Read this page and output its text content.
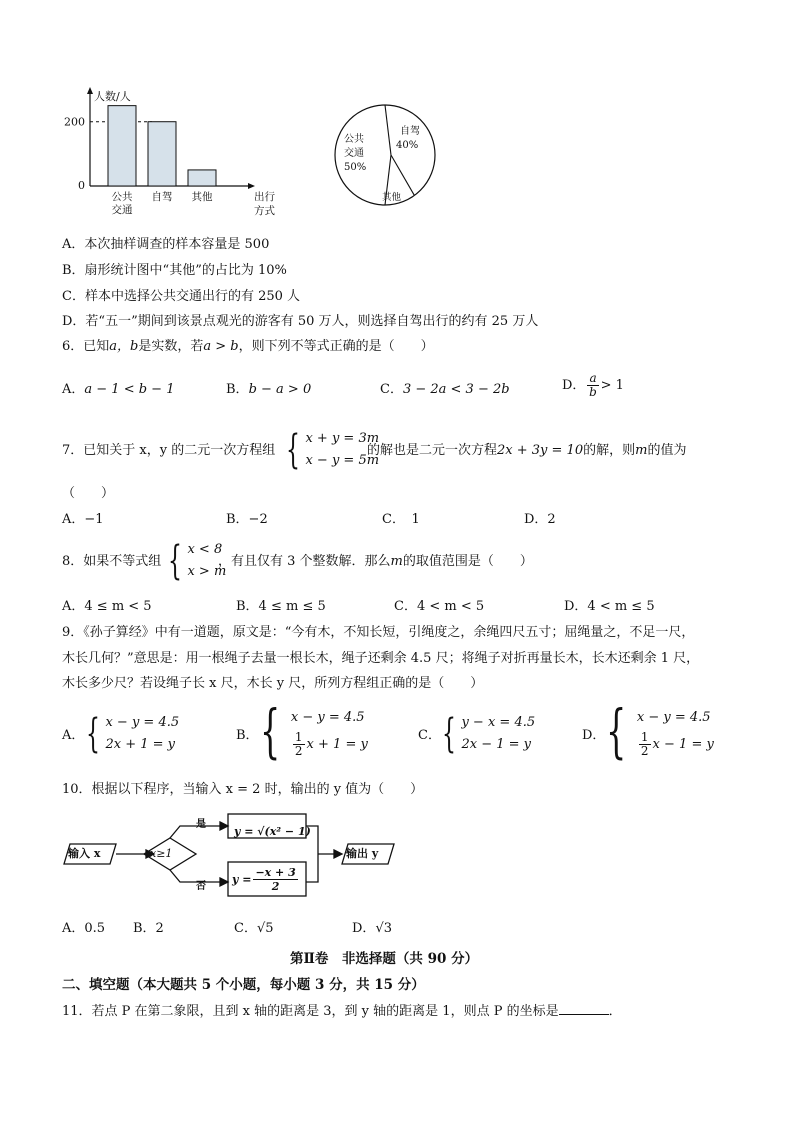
人数/人
200
0
公共
交通
自驾 其他	出行
方式
自驾
40%
公共
交通
50%
其他
A．本次抽样调查的样本容量是 500
B．扇形统计图中“其他”的占比为 10%
C．样本中选择公共交通出行的有 250 人
D．若“五一”期间到该景点观光的游客有 50 万人，则选择自驾出行的约有 25 万人
6．已知a，b是实数，若a > b，则下列不等式正确的是（　　）
A．a − 1 < b − 1	B．b − a > 0	C．3 − 2a < 3 − 2b	D． $\frac{a}{b} > 1$
7．已知关于 x，y 的二元一次方程组 { x + y = 3m
x − y = 5m
的解也是二元一次方程2x + 3y = 10的解，则m的值为
（　　）
A．−1	B．−2	C．　1	D．2
8．如果不等式组 { x < 8
x > m
，有且仅有 3 个整数解．那么m的取值范围是（　　）
A．4 ≤ m < 5	B．4 ≤ m ≤ 5	C．4 < m < 5	D．4 < m ≤ 5
9．《孙子算经》中有一道题，原文是：“今有木，不知长短，引绳度之，余绳四尺五寸；屈绳量之，不足一尺，
木长几何？”意思是：用一根绳子去量一根长木，绳子还剩余 4.5 尺；将绳子对折再量长木，长木还剩余 1 尺，
木长多少尺？若设绳子长 x 尺，木长 y 尺，所列方程组正确的是（　　）
A． { x − y = 4.5
2x + 1 = y
B． { x − y = 4.5
$\frac{1}{2}$ x + 1 = y
C． { y − x = 4.5
2x − 1 = y
D． { x − y = 4.5
$\frac{1}{2}$ x − 1 = y
10．根据以下程序，当输入 x = 2 时，输出的 y 值为（　　）
输入 x	x≥1
是
否
y = √(x² − 1)
$y = \frac{-x + 3}{2}$
输出 y
A．0.5 B．2	C．√5	D．√3
第Ⅱ卷　非选择题（共 90 分）
二、填空题（本大题共 5 个小题，每小题 3 分，共 15 分）
11．若点 P 在第二象限，且到 x 轴的距离是 3，到 y 轴的距离是 1，则点 P 的坐标是	．
